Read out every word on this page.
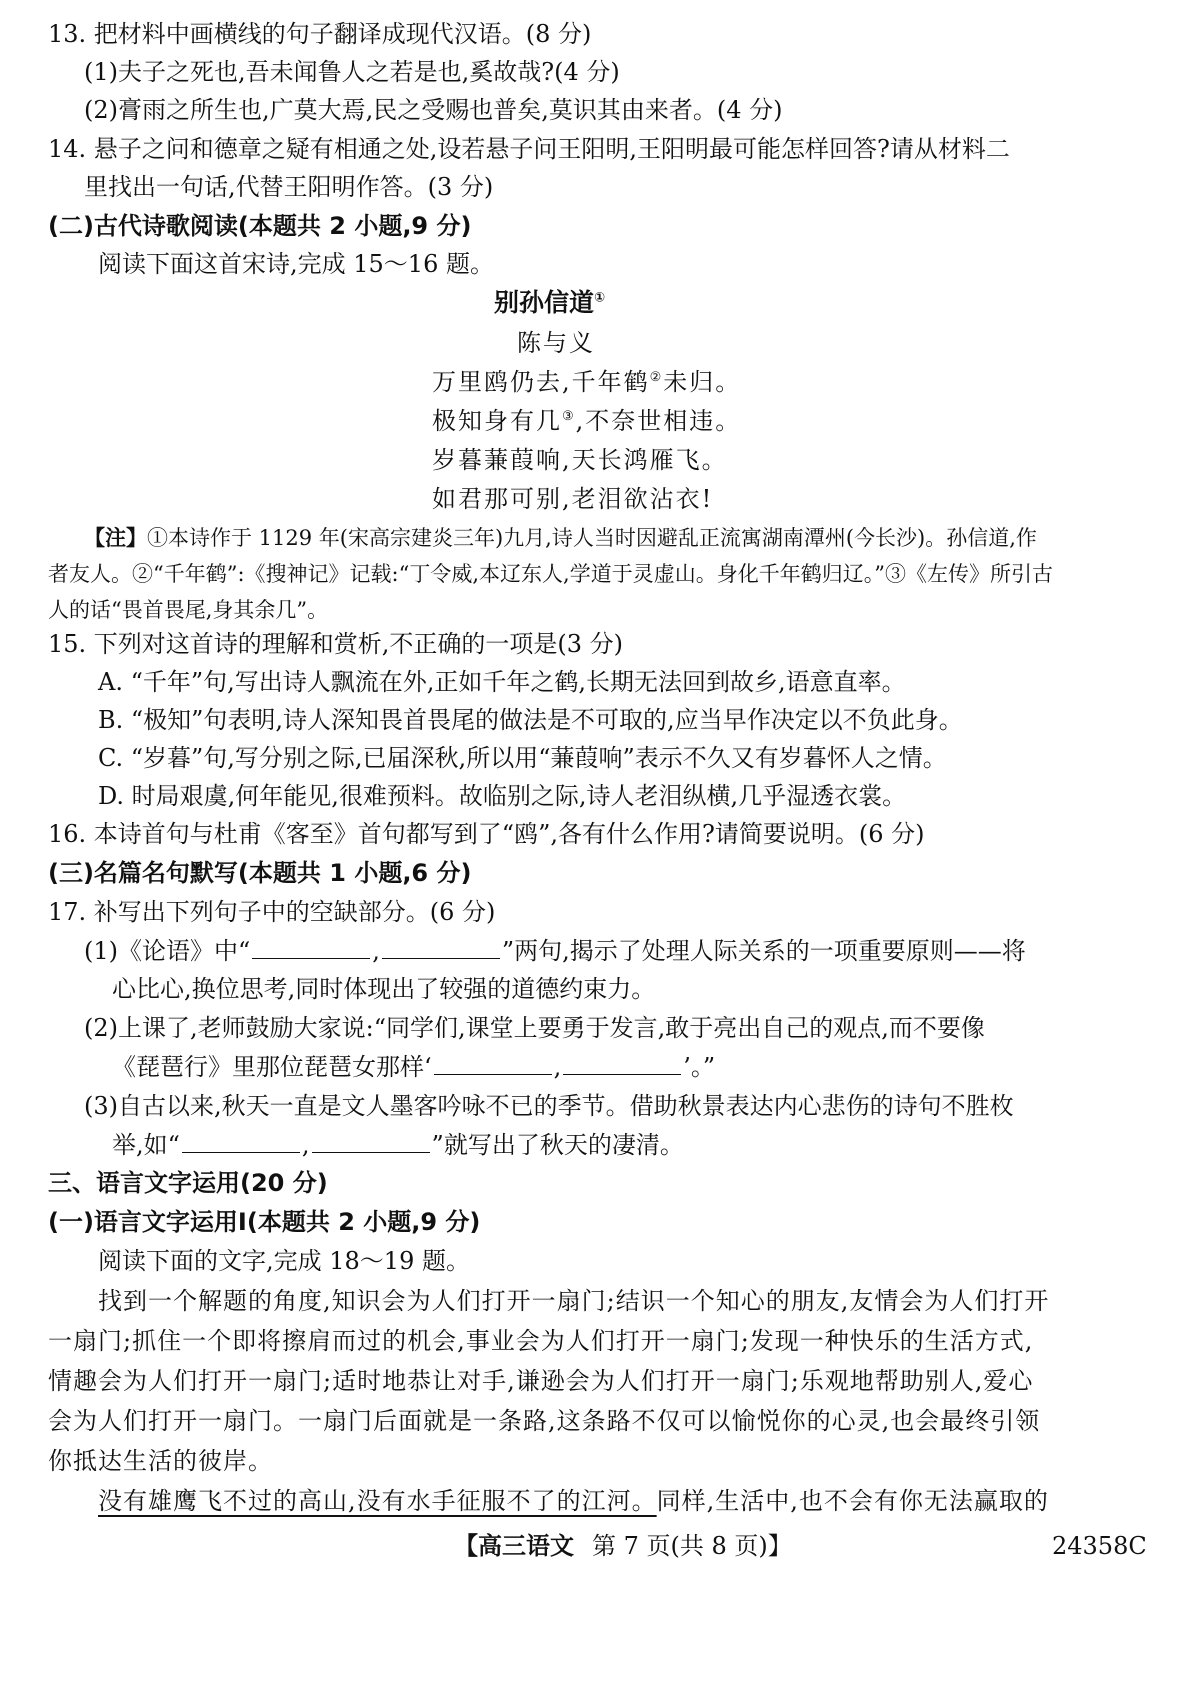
13. 把材料中画横线的句子翻译成现代汉语。(8 分)
(1)夫子之死也,吾未闻鲁人之若是也,奚故哉?(4 分)
(2)膏雨之所生也,广莫大焉,民之受赐也普矣,莫识其由来者。(4 分)
14. 悬子之问和德章之疑有相通之处,设若悬子问王阳明,王阳明最可能怎样回答?请从材料二
里找出一句话,代替王阳明作答。(3 分)
(二)古代诗歌阅读(本题共 2 小题,9 分)
阅读下面这首宋诗,完成 15～16 题。
别孙信道①
陈与义
万里鸥仍去,千年鹤②未归。
极知身有几③,不奈世相违。
岁暮蒹葭响,天长鸿雁飞。
如君那可别,老泪欲沾衣!
【注】①本诗作于 1129 年(宋高宗建炎三年)九月,诗人当时因避乱正流寓湖南潭州(今长沙)。孙信道,作
者友人。②“千年鹤”:《搜神记》记载:“丁令威,本辽东人,学道于灵虚山。身化千年鹤归辽。”③《左传》所引古
人的话“畏首畏尾,身其余几”。
15. 下列对这首诗的理解和赏析,不正确的一项是(3 分)
A. “千年”句,写出诗人飘流在外,正如千年之鹤,长期无法回到故乡,语意直率。
B. “极知”句表明,诗人深知畏首畏尾的做法是不可取的,应当早作决定以不负此身。
C. “岁暮”句,写分别之际,已届深秋,所以用“蒹葭响”表示不久又有岁暮怀人之情。
D. 时局艰虞,何年能见,很难预料。故临别之际,诗人老泪纵横,几乎湿透衣裳。
16. 本诗首句与杜甫《客至》首句都写到了“鸥”,各有什么作用?请简要说明。(6 分)
(三)名篇名句默写(本题共 1 小题,6 分)
17. 补写出下列句子中的空缺部分。(6 分)
(1)《论语》中“	,	”两句,揭示了处理人际关系的一项重要原则——将
心比心,换位思考,同时体现出了较强的道德约束力。
(2)上课了,老师鼓励大家说:“同学们,课堂上要勇于发言,敢于亮出自己的观点,而不要像
《琵琶行》里那位琵琶女那样‘	,	’。”
(3)自古以来,秋天一直是文人墨客吟咏不已的季节。借助秋景表达内心悲伤的诗句不胜枚
举,如“	,	”就写出了秋天的凄清。
三、语言文字运用(20 分)
(一)语言文字运用Ⅰ(本题共 2 小题,9 分)
阅读下面的文字,完成 18～19 题。
找到一个解题的角度,知识会为人们打开一扇门;结识一个知心的朋友,友情会为人们打开
一扇门;抓住一个即将擦肩而过的机会,事业会为人们打开一扇门;发现一种快乐的生活方式,
情趣会为人们打开一扇门;适时地恭让对手,谦逊会为人们打开一扇门;乐观地帮助别人,爱心
会为人们打开一扇门。一扇门后面就是一条路,这条路不仅可以愉悦你的心灵,也会最终引领
你抵达生活的彼岸。
没有雄鹰飞不过的高山,没有水手征服不了的江河。同样,生活中,也不会有你无法赢取的
【高三语文 第 7 页(共 8 页)】	24358C
